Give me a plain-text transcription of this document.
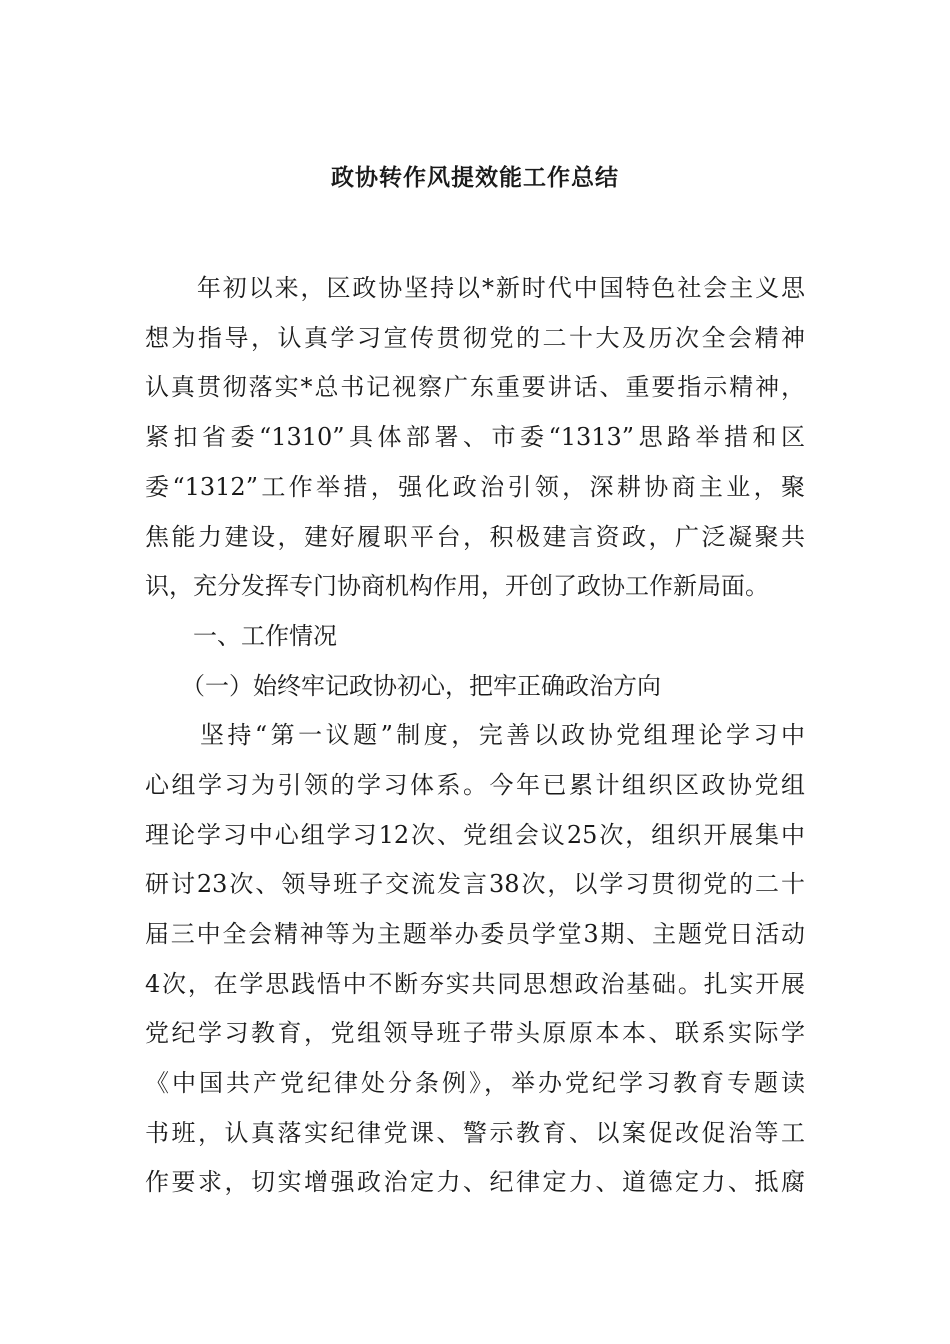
政协转作风提效能工作总结
　　年初以来，区政协坚持以*新时代中国特色社会主义思
想为指导，认真学习宣传贯彻党的二十大及历次全会精神
认真贯彻落实*总书记视察广东重要讲话、重要指示精神，
紧扣省委“1310”具体部署、市委“1313”思路举措和区
委“1312”工作举措，强化政治引领，深耕协商主业，聚
焦能力建设，建好履职平台，积极建言资政，广泛凝聚共
识，充分发挥专门协商机构作用，开创了政协工作新局面。
　　一、工作情况
　　（一）始终牢记政协初心，把牢正确政治方向
　　坚持“第一议题”制度，完善以政协党组理论学习中
心组学习为引领的学习体系。今年已累计组织区政协党组
理论学习中心组学习12次、党组会议25次，组织开展集中
研讨23次、领导班子交流发言38次，以学习贯彻党的二十
届三中全会精神等为主题举办委员学堂3期、主题党日活动
4次，在学思践悟中不断夯实共同思想政治基础。扎实开展
党纪学习教育，党组领导班子带头原原本本、联系实际学
《中国共产党纪律处分条例》，举办党纪学习教育专题读
书班，认真落实纪律党课、警示教育、以案促改促治等工
作要求，切实增强政治定力、纪律定力、道德定力、抵腐
